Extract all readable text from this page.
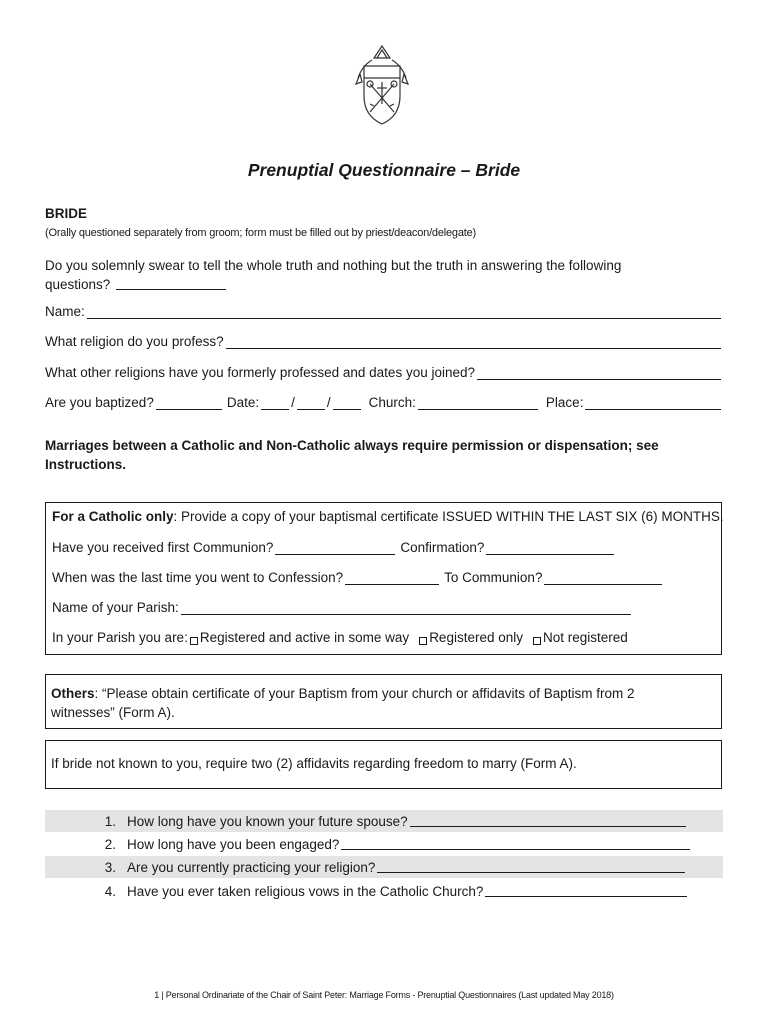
Prenuptial Questionnaire – Bride
BRIDE
(Orally questioned separately from groom; form must be filled out by priest/deacon/delegate)
Do you solemnly swear to tell the whole truth and nothing but the truth in answering the following questions?
Name:
What religion do you profess?
What other religions have you formerly professed and dates you joined?
Are you baptized?	Date: / /	Church:	Place:
Marriages between a Catholic and Non-Catholic always require permission or dispensation; see Instructions.
For a Catholic only: Provide a copy of your baptismal certificate ISSUED WITHIN THE LAST SIX (6) MONTHS.
Have you received first Communion?	Confirmation?
When was the last time you went to Confession?	To Communion?
Name of your Parish:
In your Parish you are: Registered and active in some way Registered only Not registered
Others: “Please obtain certificate of your Baptism from your church or affidavits of Baptism from 2 witnesses” (Form A).
If bride not known to you, require two (2) affidavits regarding freedom to marry (Form A).
1. How long have you known your future spouse?
2. How long have you been engaged?
3. Are you currently practicing your religion?
4. Have you ever taken religious vows in the Catholic Church?
1 | Personal Ordinariate of the Chair of Saint Peter: Marriage Forms - Prenuptial Questionnaires (Last updated May 2018)
